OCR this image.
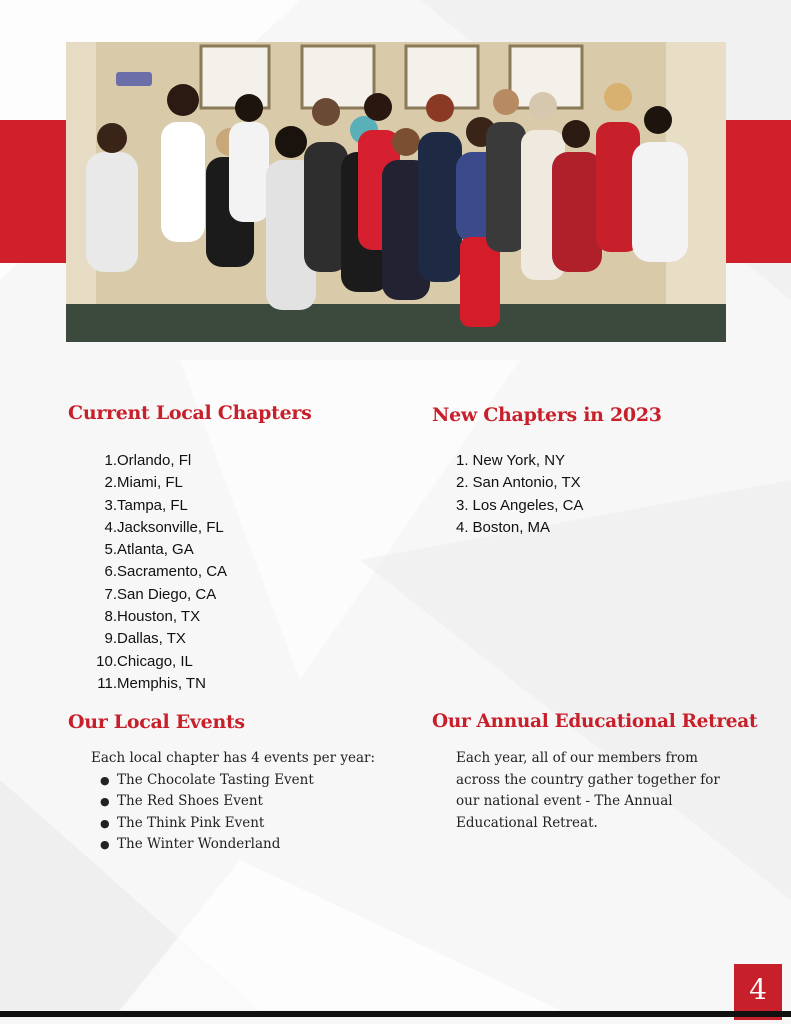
Current Local Chapters
1. Orlando, Fl
2. Miami, FL
3. Tampa, FL
4. Jacksonville, FL
5. Atlanta, GA
6. Sacramento, CA
7. San Diego, CA
8. Houston, TX
9. Dallas, TX
10. Chicago, IL
11. Memphis, TN
New Chapters in 2023
1. New York, NY
2. San Antonio, TX
3. Los Angeles, CA
4. Boston, MA
Our Local Events

Each local chapter has 4 events per year:

● The Chocolate Tasting Event
● The Red Shoes Event
● The Think Pink Event
● The Winter Wonderland
Our Annual Educational Retreat

Each year, all of our members from
across the country gather together for
our national event - The Annual
Educational Retreat.

4
